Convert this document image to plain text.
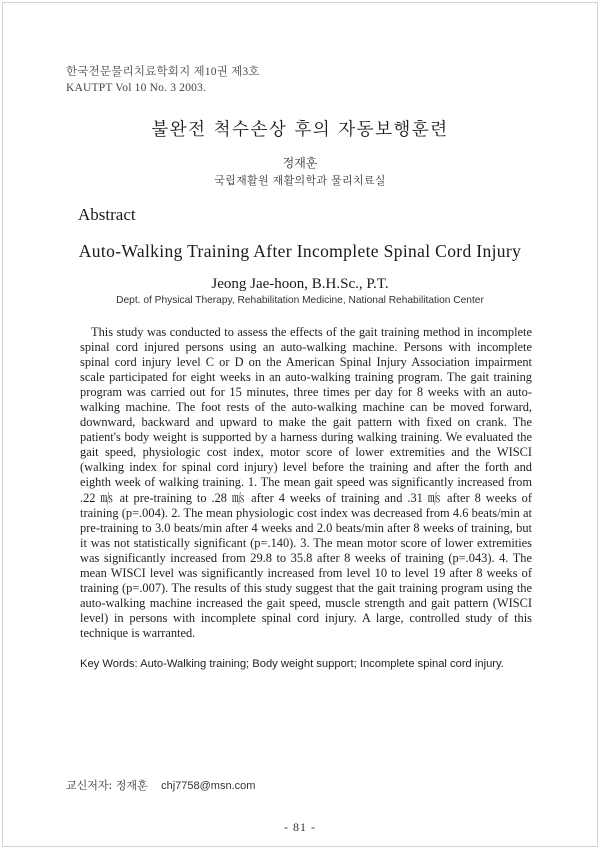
한국전문물리치료학회지 제10권 제3호
KAUTPT Vol 10 No. 3 2003.
불완전 척수손상 후의 자동보행훈련
정재훈
국립재활원 재활의학과 물리치료실
Abstract
Auto-Walking Training After Incomplete Spinal Cord Injury
Jeong Jae-hoon, B.H.Sc., P.T.
Dept. of Physical Therapy, Rehabilitation Medicine, National Rehabilitation Center
This study was conducted to assess the effects of the gait training method in incomplete spinal cord injured persons using an auto-walking machine. Persons with incomplete spinal cord injury level C or D on the American Spinal Injury Association impairment scale participated for eight weeks in an auto-walking training program. The gait training program was carried out for 15 minutes, three times per day for 8 weeks with an auto-walking machine. The foot rests of the auto-walking machine can be moved forward, downward, backward and upward to make the gait pattern with fixed on crank. The patient's body weight is supported by a harness during walking training. We evaluated the gait speed, physiologic cost index, motor score of lower extremities and the WISCI (walking index for spinal cord injury) level before the training and after the forth and eighth week of walking training. 1. The mean gait speed was significantly increased from .22 ㎧ at pre-training to .28 ㎧ after 4 weeks of training and .31 ㎧ after 8 weeks of training (p=.004). 2. The mean physiologic cost index was decreased from 4.6 beats/min at pre-training to 3.0 beats/min after 4 weeks and 2.0 beats/min after 8 weeks of training, but it was not statistically significant (p=.140). 3. The mean motor score of lower extremities was significantly increased from 29.8 to 35.8 after 8 weeks of training (p=.043). 4. The mean WISCI level was significantly increased from level 10 to level 19 after 8 weeks of training (p=.007). The results of this study suggest that the gait training program using the auto-walking machine increased the gait speed, muscle strength and gait pattern (WISCI level) in persons with incomplete spinal cord injury. A large, controlled study of this technique is warranted.
Key Words: Auto-Walking training; Body weight support; Incomplete spinal cord injury.
교신저자: 정재훈 chj7758@msn.com
- 81 -
